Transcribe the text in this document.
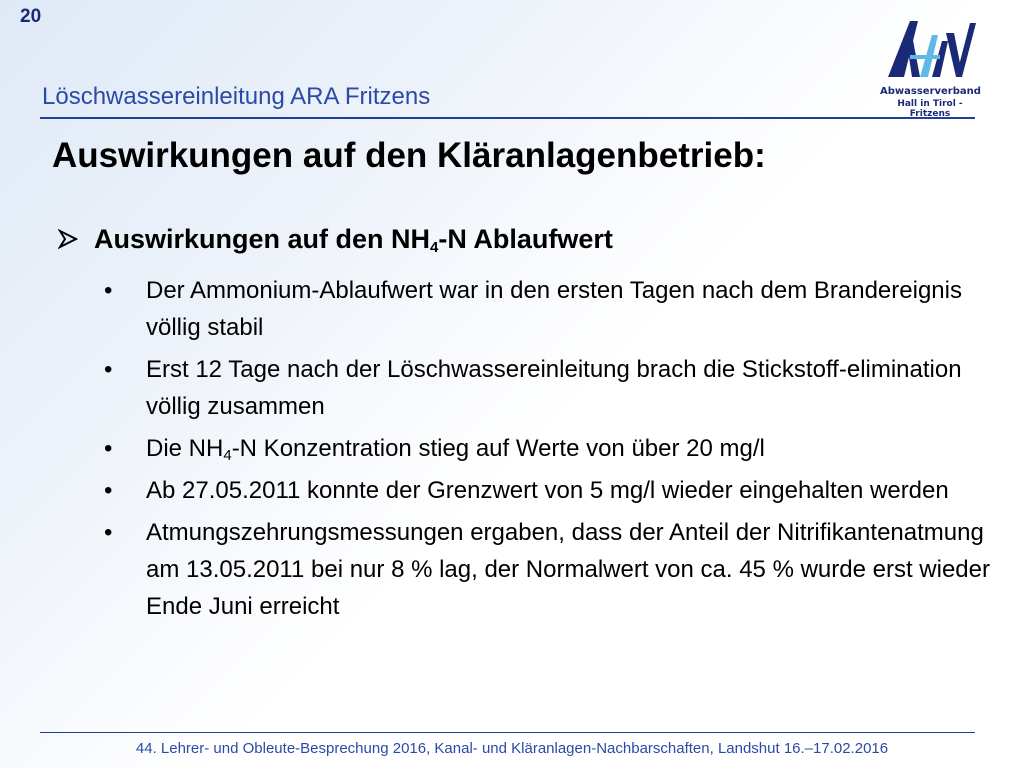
20
Löschwassereinleitung ARA Fritzens	Abwasserverband
Hall in Tirol - Fritzens
Auswirkungen auf den Kläranlagenbetrieb:
Auswirkungen auf den $NH_4-N$ Ablaufwert
•	Der Ammonium-Ablaufwert war in den ersten Tagen nach dem Brandereignis völlig stabil
•	Erst 12 Tage nach der Löschwassereinleitung brach die Stickstoff-elimination völlig zusammen
•	Die $NH_4-N$ Konzentration stieg auf Werte von über 20 mg/l
•	Ab 27.05.2011 konnte der Grenzwert von 5 mg/l wieder eingehalten werden
•	Atmungszehrungsmessungen ergaben, dass der Anteil der Nitrifikantenatmung am 13.05.2011 bei nur 8 % lag, der Normalwert von ca. 45 % wurde erst wieder Ende Juni erreicht
44. Lehrer- und Obleute-Besprechung 2016, Kanal- und Kläranlagen-Nachbarschaften, Landshut 16.–17.02.2016
